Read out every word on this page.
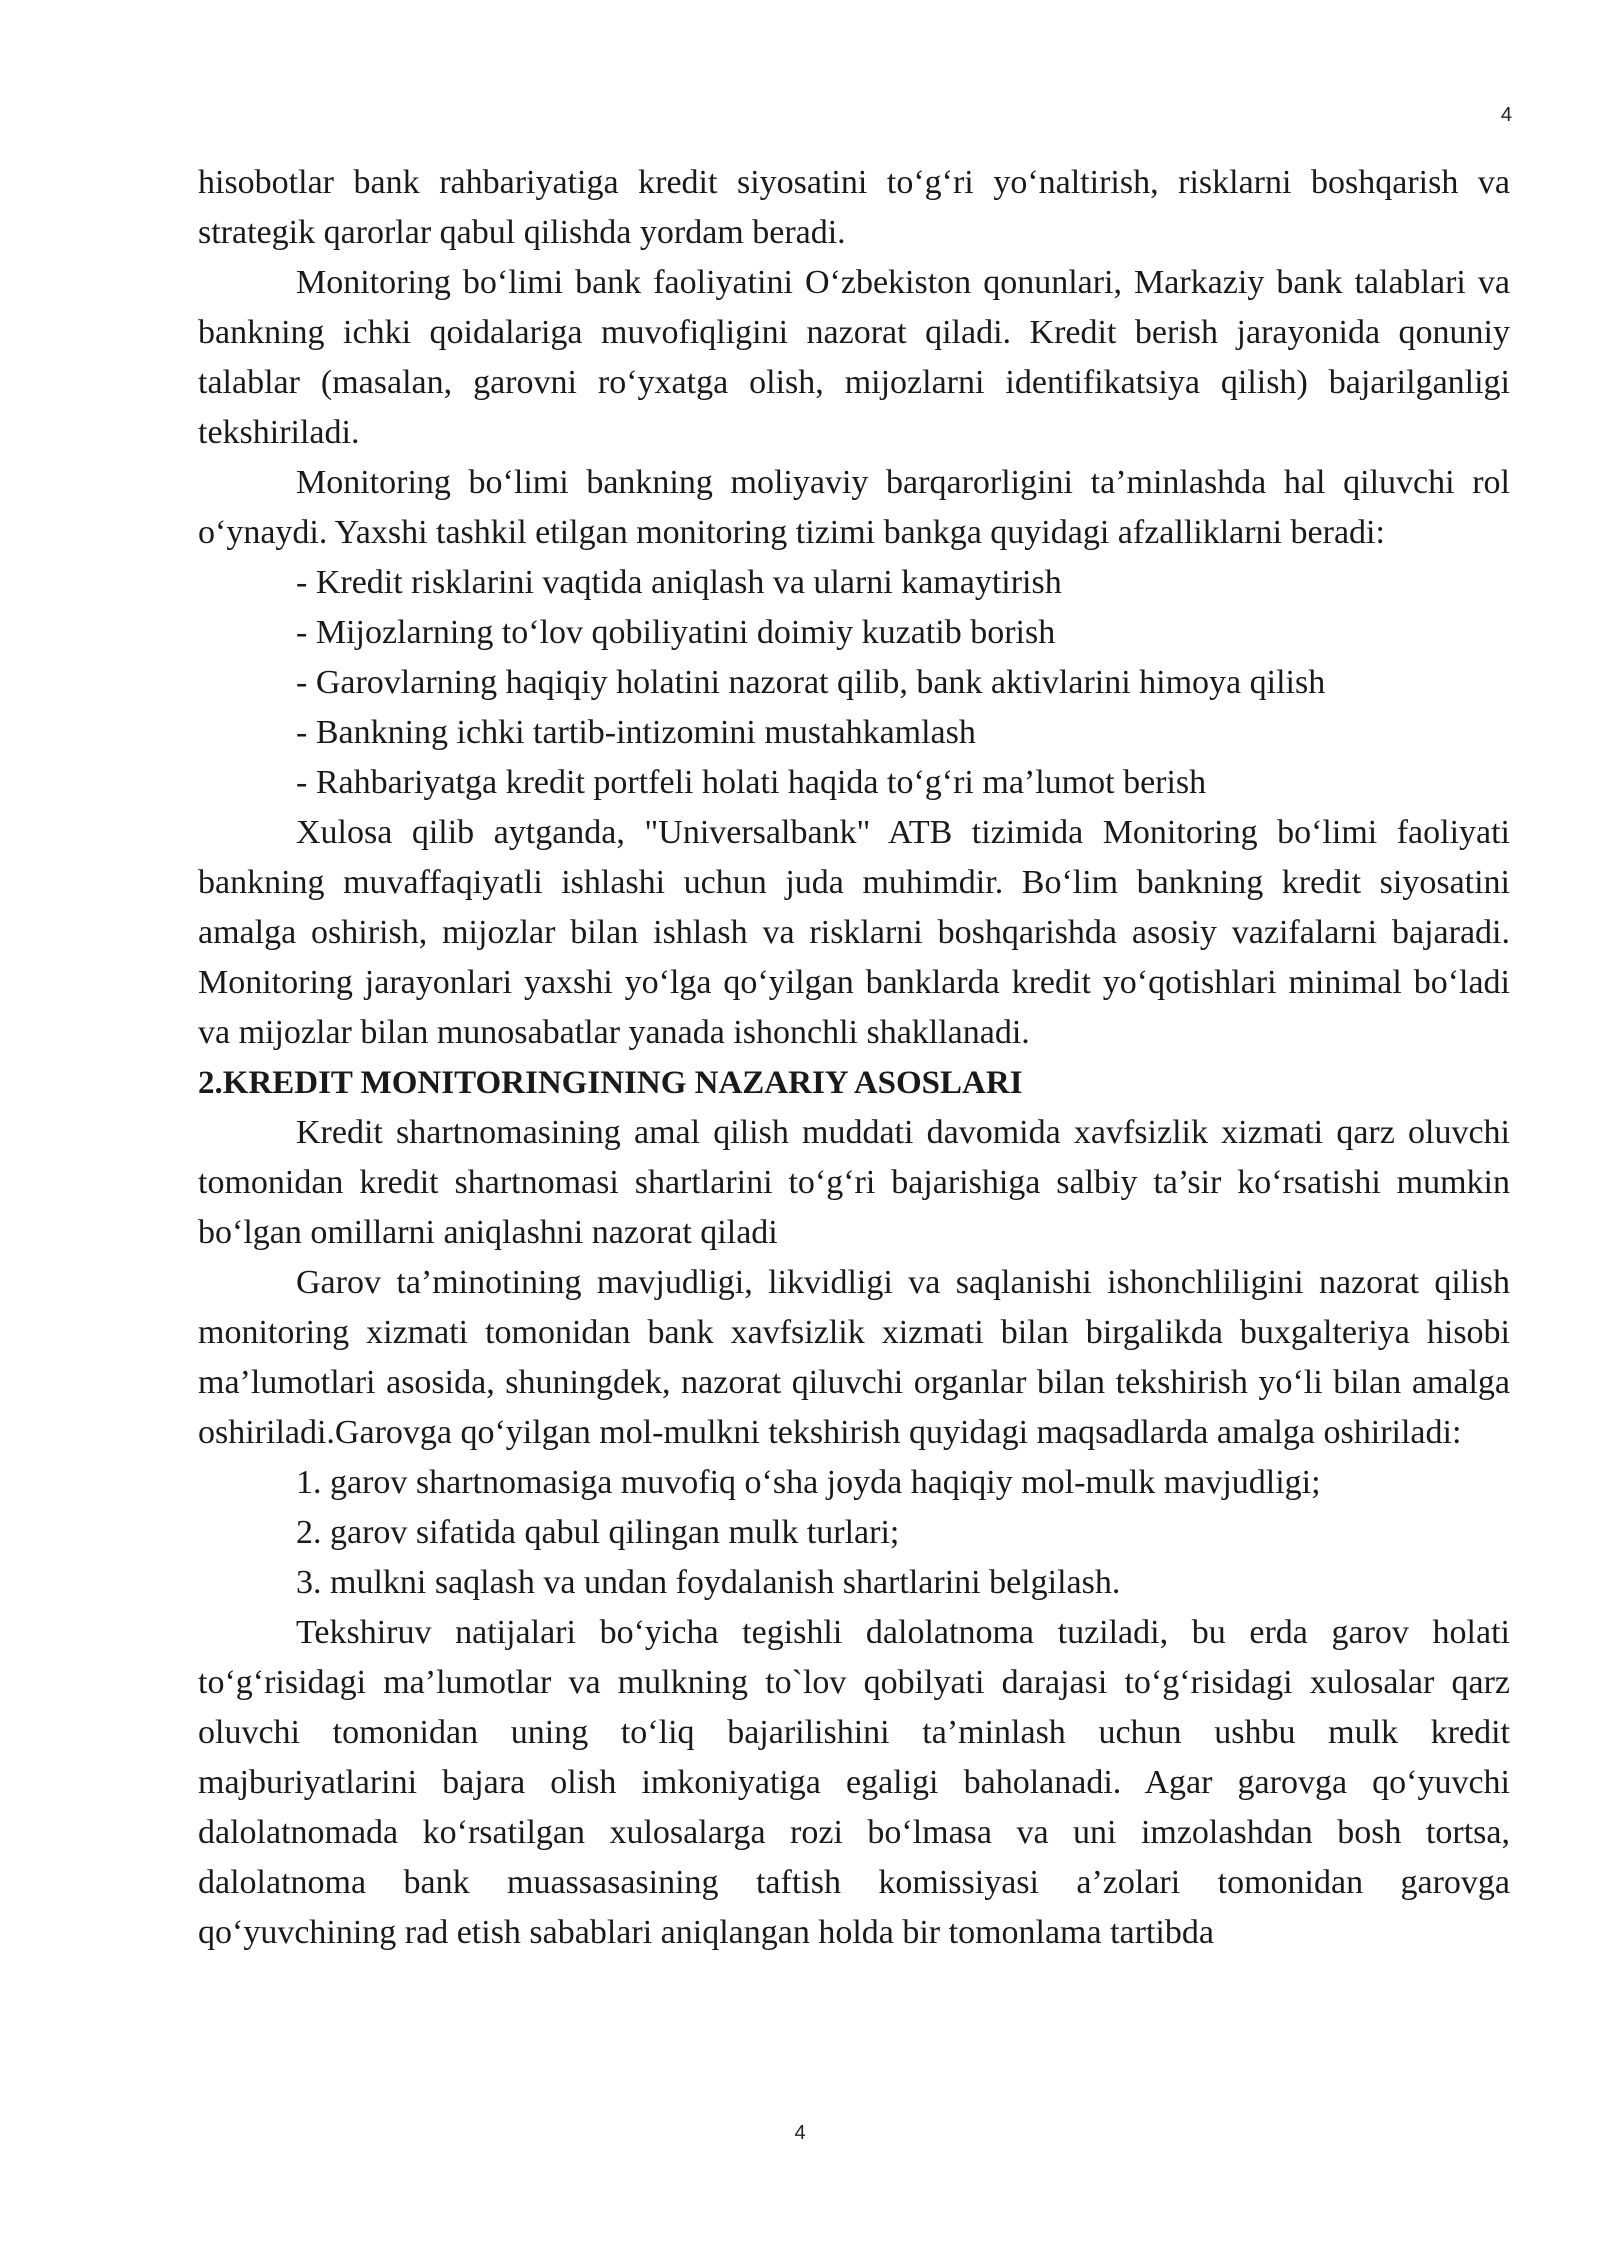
4

hisobotlar bank rahbariyatiga kredit siyosatini to‘g‘ri yo‘naltirish, risklarni boshqarish va strategik qarorlar qabul qilishda yordam beradi.

Monitoring bo‘limi bank faoliyatini O‘zbekiston qonunlari, Markaziy bank talablari va bankning ichki qoidalariga muvofiqligini nazorat qiladi. Kredit berish jarayonida qonuniy talablar (masalan, garovni ro‘yxatga olish, mijozlarni identifikatsiya qilish) bajarilganligi tekshiriladi.

Monitoring bo‘limi bankning moliyaviy barqarorligini ta’minlashda hal qiluvchi rol o‘ynaydi. Yaxshi tashkil etilgan monitoring tizimi bankga quyidagi afzalliklarni beradi:

- Kredit risklarini vaqtida aniqlash va ularni kamaytirish

- Mijozlarning to‘lov qobiliyatini doimiy kuzatib borish

- Garovlarning haqiqiy holatini nazorat qilib, bank aktivlarini himoya qilish

- Bankning ichki tartib-intizomini mustahkamlash

- Rahbariyatga kredit portfeli holati haqida to‘g‘ri ma’lumot berish

Xulosa qilib aytganda, "Universalbank" ATB tizimida Monitoring bo‘limi faoliyati bankning muvaffaqiyatli ishlashi uchun juda muhimdir. Bo‘lim bankning kredit siyosatini amalga oshirish, mijozlar bilan ishlash va risklarni boshqarishda asosiy vazifalarni bajaradi. Monitoring jarayonlari yaxshi yo‘lga qo‘yilgan banklarda kredit yo‘qotishlari minimal bo‘ladi va mijozlar bilan munosabatlar yanada ishonchli shakllanadi.

2.KREDIT MONITORINGINING NAZARIY ASOSLARI

Kredit shartnomasining amal qilish muddati davomida xavfsizlik xizmati qarz oluvchi tomonidan kredit shartnomasi shartlarini to‘g‘ri bajarishiga salbiy ta’sir ko‘rsatishi mumkin bo‘lgan omillarni aniqlashni nazorat qiladi

Garov ta’minotining mavjudligi, likvidligi va saqlanishi ishonchliligini nazorat qilish monitoring xizmati tomonidan bank xavfsizlik xizmati bilan birgalikda buxgalteriya hisobi ma’lumotlari asosida, shuningdek, nazorat qiluvchi organlar bilan tekshirish yo‘li bilan amalga oshiriladi.Garovga qo‘yilgan mol-mulkni tekshirish quyidagi maqsadlarda amalga oshiriladi:

1. garov shartnomasiga muvofiq o‘sha joyda haqiqiy mol-mulk mavjudligi;

2. garov sifatida qabul qilingan mulk turlari;

3. mulkni saqlash va undan foydalanish shartlarini belgilash.

Tekshiruv natijalari bo‘yicha tegishli dalolatnoma tuziladi, bu erda garov holati to‘g‘risidagi ma’lumotlar va mulkning to`lov qobilyati darajasi to‘g‘risidagi xulosalar qarz oluvchi tomonidan uning to‘liq bajarilishini ta’minlash uchun ushbu mulk kredit majburiyatlarini bajara olish imkoniyatiga egaligi baholanadi. Agar garovga qo‘yuvchi dalolatnomada ko‘rsatilgan xulosalarga rozi bo‘lmasa va uni imzolashdan bosh tortsa, dalolatnoma bank muassasasining taftish komissiyasi a’zolari tomonidan garovga qo‘yuvchining rad etish sabablari aniqlangan holda bir tomonlama tartibda

4
